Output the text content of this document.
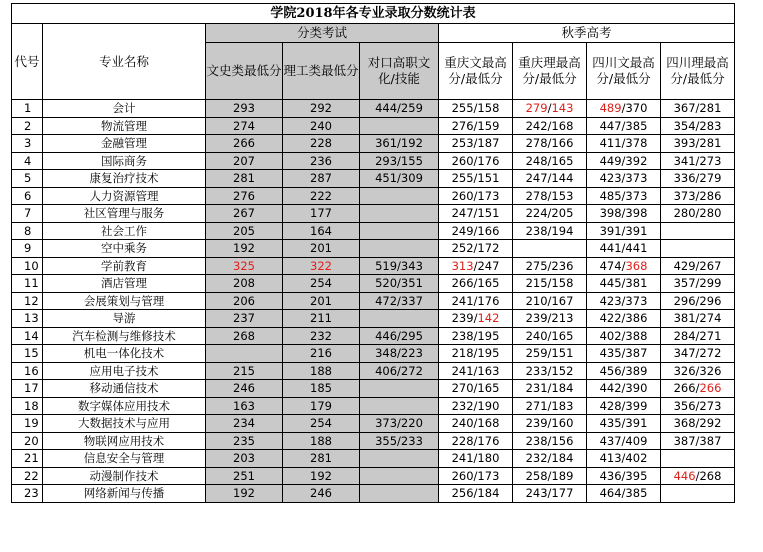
学院2018年各专业录取分数统计表								
代号	专业名称	分类考试			秋季高考			
		文史类最低分	理工类最低分	对口高职文化/技能	重庆文最高分/最低分	重庆理最高分/最低分	四川文最高分/最低分	四川理最高分/最低分
1	会计	293	292	444/259	255/158	279/143	489/370	367/281
2	物流管理	274	240		276/159	242/168	447/385	354/283
3	金融管理	266	228	361/192	253/187	278/166	411/378	393/281
4	国际商务	207	236	293/155	260/176	248/165	449/392	341/273
5	康复治疗技术	281	287	451/309	255/151	247/144	423/373	336/279
6	人力资源管理	276	222		260/173	278/153	485/373	373/286
7	社区管理与服务	267	177		247/151	224/205	398/398	280/280
8	社会工作	205	164		249/166	238/194	391/391	
9	空中乘务	192	201		252/172		441/441	
10	学前教育	325	322	519/343	313/247	275/236	474/368	429/267
11	酒店管理	208	254	520/351	266/165	215/158	445/381	357/299
12	会展策划与管理	206	201	472/337	241/176	210/167	423/373	296/296
13	导游	237	211		239/142	239/213	422/386	381/274
14	汽车检测与维修技术	268	232	446/295	238/195	240/165	402/388	284/271
15	机电一体化技术		216	348/223	218/195	259/151	435/387	347/272
16	应用电子技术	215	188	406/272	241/163	233/152	456/389	326/326
17	移动通信技术	246	185		270/165	231/184	442/390	266/266
18	数字媒体应用技术	163	179		232/190	271/183	428/399	356/273
19	大数据技术与应用	234	254	373/220	240/168	239/160	435/391	368/292
20	物联网应用技术	235	188	355/233	228/176	238/156	437/409	387/387
21	信息安全与管理	203	281		241/180	232/184	413/402	
22	动漫制作技术	251	192		260/173	258/189	436/395	446/268
23	网络新闻与传播	192	246		256/184	243/177	464/385	
